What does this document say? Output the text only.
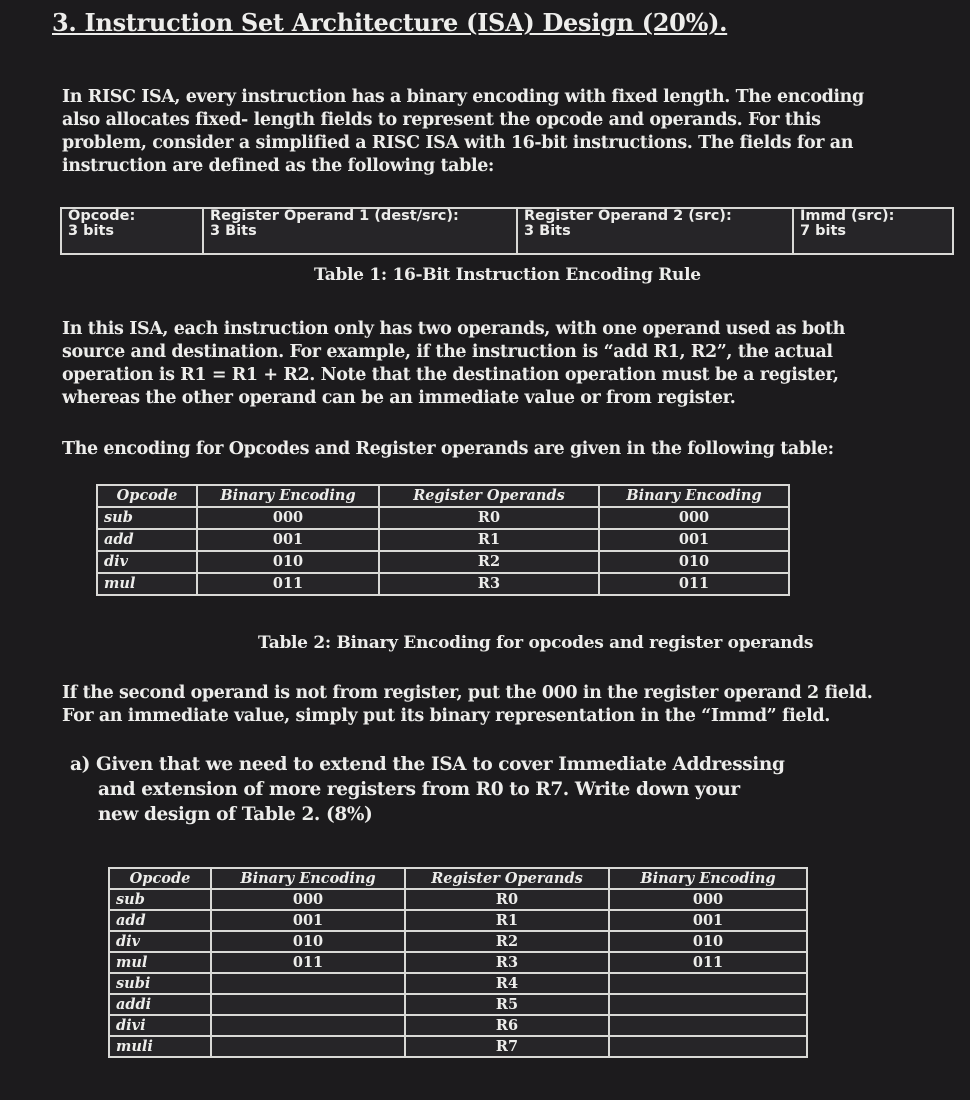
3. Instruction Set Architecture (ISA) Design (20%).

In RISC ISA, every instruction has a binary encoding with fixed length. The encoding

also allocates fixed- length fields to represent the opcode and operands. For this

problem, consider a simplified a RISC ISA with 16-bit instructions. The fields for an

instruction are defined as the following table:

Opcode:
3 bits

Register Operand 1 (dest/src):
3 Bits

Register Operand 2 (src):
3 Bits

Immd (src):
7 bits
Table 1: 16-Bit Instruction Encoding Rule

In this ISA, each instruction only has two operands, with one operand used as both

source and destination. For example, if the instruction is “add R1, R2”, the actual

operation is R1 = R1 + R2. Note that the destination operation must be a register,

whereas the other operand can be an immediate value or from register.

The encoding for Opcodes and Register operands are given in the following table:
Opcode	Binary Encoding	Register Operands	Binary Encoding
sub	000	R0	000
add	001	R1	001
div	010	R2	010
mul	011	R3	011
Table 2: Binary Encoding for opcodes and register operands

If the second operand is not from register, put the 000 in the register operand 2 field.

For an immediate value, simply put its binary representation in the “Immd” field.

a) Given that we need to extend the ISA to cover Immediate Addressing

and extension of more registers from R0 to R7. Write down your

new design of Table 2. (8%)

Opcode	Binary Encoding	Register Operands	Binary Encoding
sub	000	R0	000
add	001	R1	001
div	010	R2	010
mul	011	R3	011
subi		R4	
addi		R5	
divi		R6	
muli		R7	
